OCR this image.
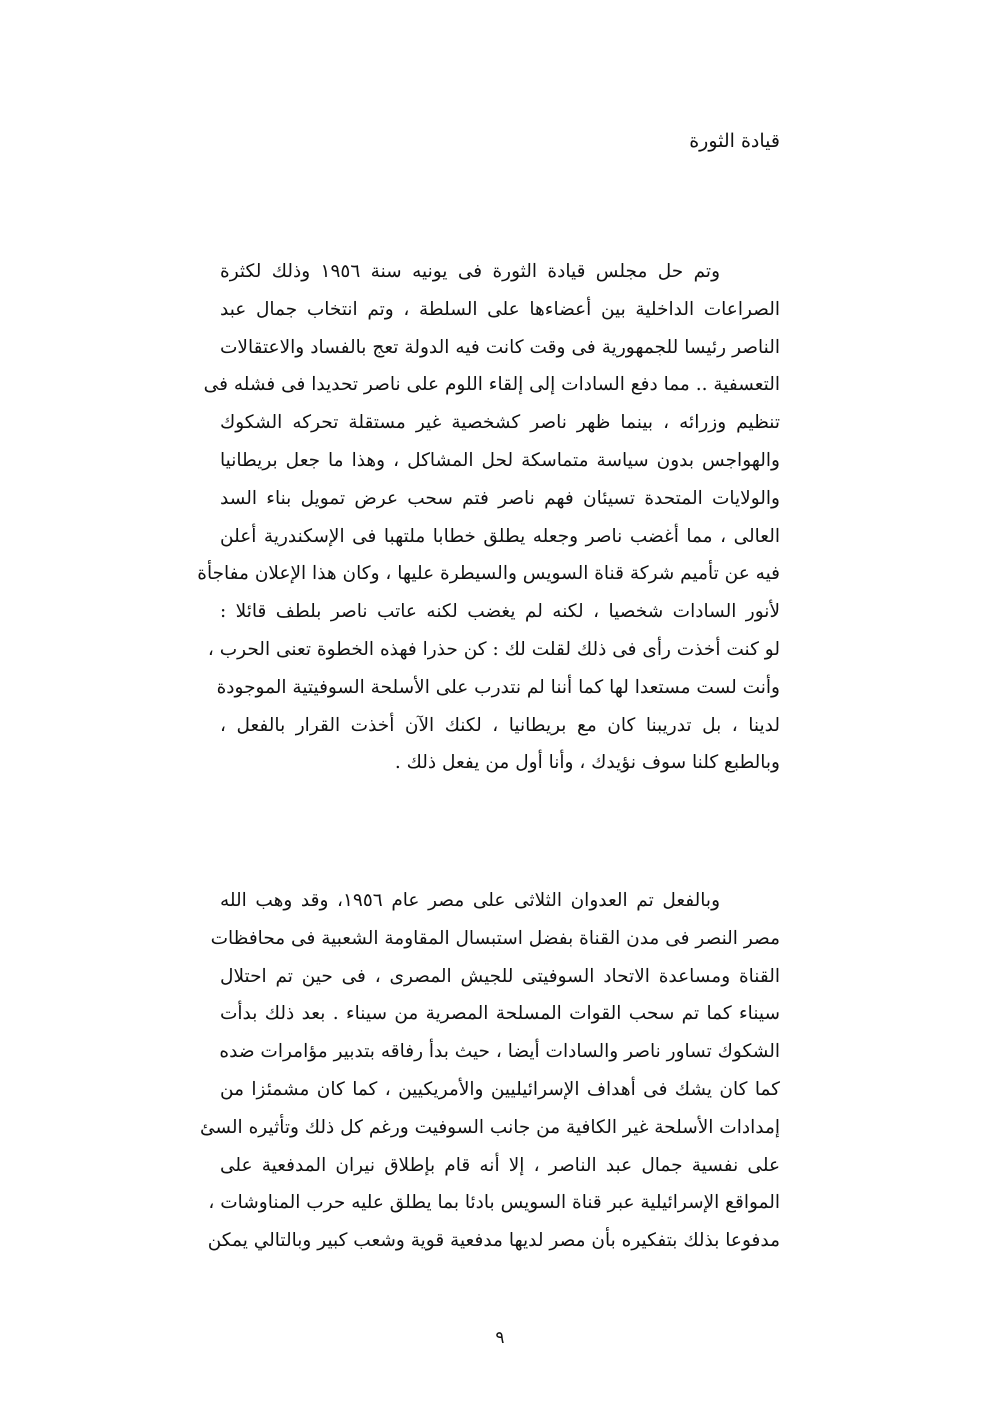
قيادة الثورة
وتم حل مجلس قيادة الثورة فى يونيه سنة ١٩٥٦ وذلك لكثرة
الصراعات الداخلية بين أعضاءها على السلطة ، وتم انتخاب جمال عبد
الناصر رئيسا للجمهورية فى وقت كانت فيه الدولة تعج بالفساد والاعتقالات
التعسفية .. مما دفع السادات إلى إلقاء اللوم على ناصر تحديدا فى فشله فى
تنظيم وزرائه ، بينما ظهر ناصر كشخصية غير مستقلة تحركه الشكوك
والهواجس بدون سياسة متماسكة لحل المشاكل ، وهذا ما جعل بريطانيا
والولايات المتحدة تسيئان فهم ناصر فتم سحب عرض تمويل بناء السد
العالى ، مما أغضب ناصر وجعله يطلق خطابا ملتهبا فى الإسكندرية أعلن
فيه عن تأميم شركة قناة السويس والسيطرة عليها ، وكان هذا الإعلان مفاجأة
لأنور السادات شخصيا ، لكنه لم يغضب لكنه عاتب ناصر بلطف قائلا :
لو كنت أخذت رأى فى ذلك لقلت لك : كن حذرا فهذه الخطوة تعنى الحرب ،
وأنت لست مستعدا لها كما أننا لم نتدرب على الأسلحة السوفيتية الموجودة
لدينا ، بل تدريبنا كان مع بريطانيا ، لكنك الآن أخذت القرار بالفعل ،
وبالطبع كلنا سوف نؤيدك ، وأنا أول من يفعل ذلك .
وبالفعل تم العدوان الثلاثى على مصر عام ١٩٥٦، وقد وهب الله
مصر النصر فى مدن القناة بفضل استبسال المقاومة الشعبية فى محافظات
القناة ومساعدة الاتحاد السوفيتى للجيش المصرى ، فى حين تم احتلال
سيناء كما تم سحب القوات المسلحة المصرية من سيناء . بعد ذلك بدأت
الشكوك تساور ناصر والسادات أيضا ، حيث بدأ رفاقه بتدبير مؤامرات ضده
كما كان يشك فى أهداف الإسرائيليين والأمريكيين ، كما كان مشمئزا من
إمدادات الأسلحة غير الكافية من جانب السوفيت ورغم كل ذلك وتأثيره السئ
على نفسية جمال عبد الناصر ، إلا أنه قام بإطلاق نيران المدفعية على
المواقع الإسرائيلية عبر قناة السويس بادئا بما يطلق عليه حرب المناوشات ،
مدفوعا بذلك بتفكيره بأن مصر لديها مدفعية قوية وشعب كبير وبالتالي يمكن
٩
